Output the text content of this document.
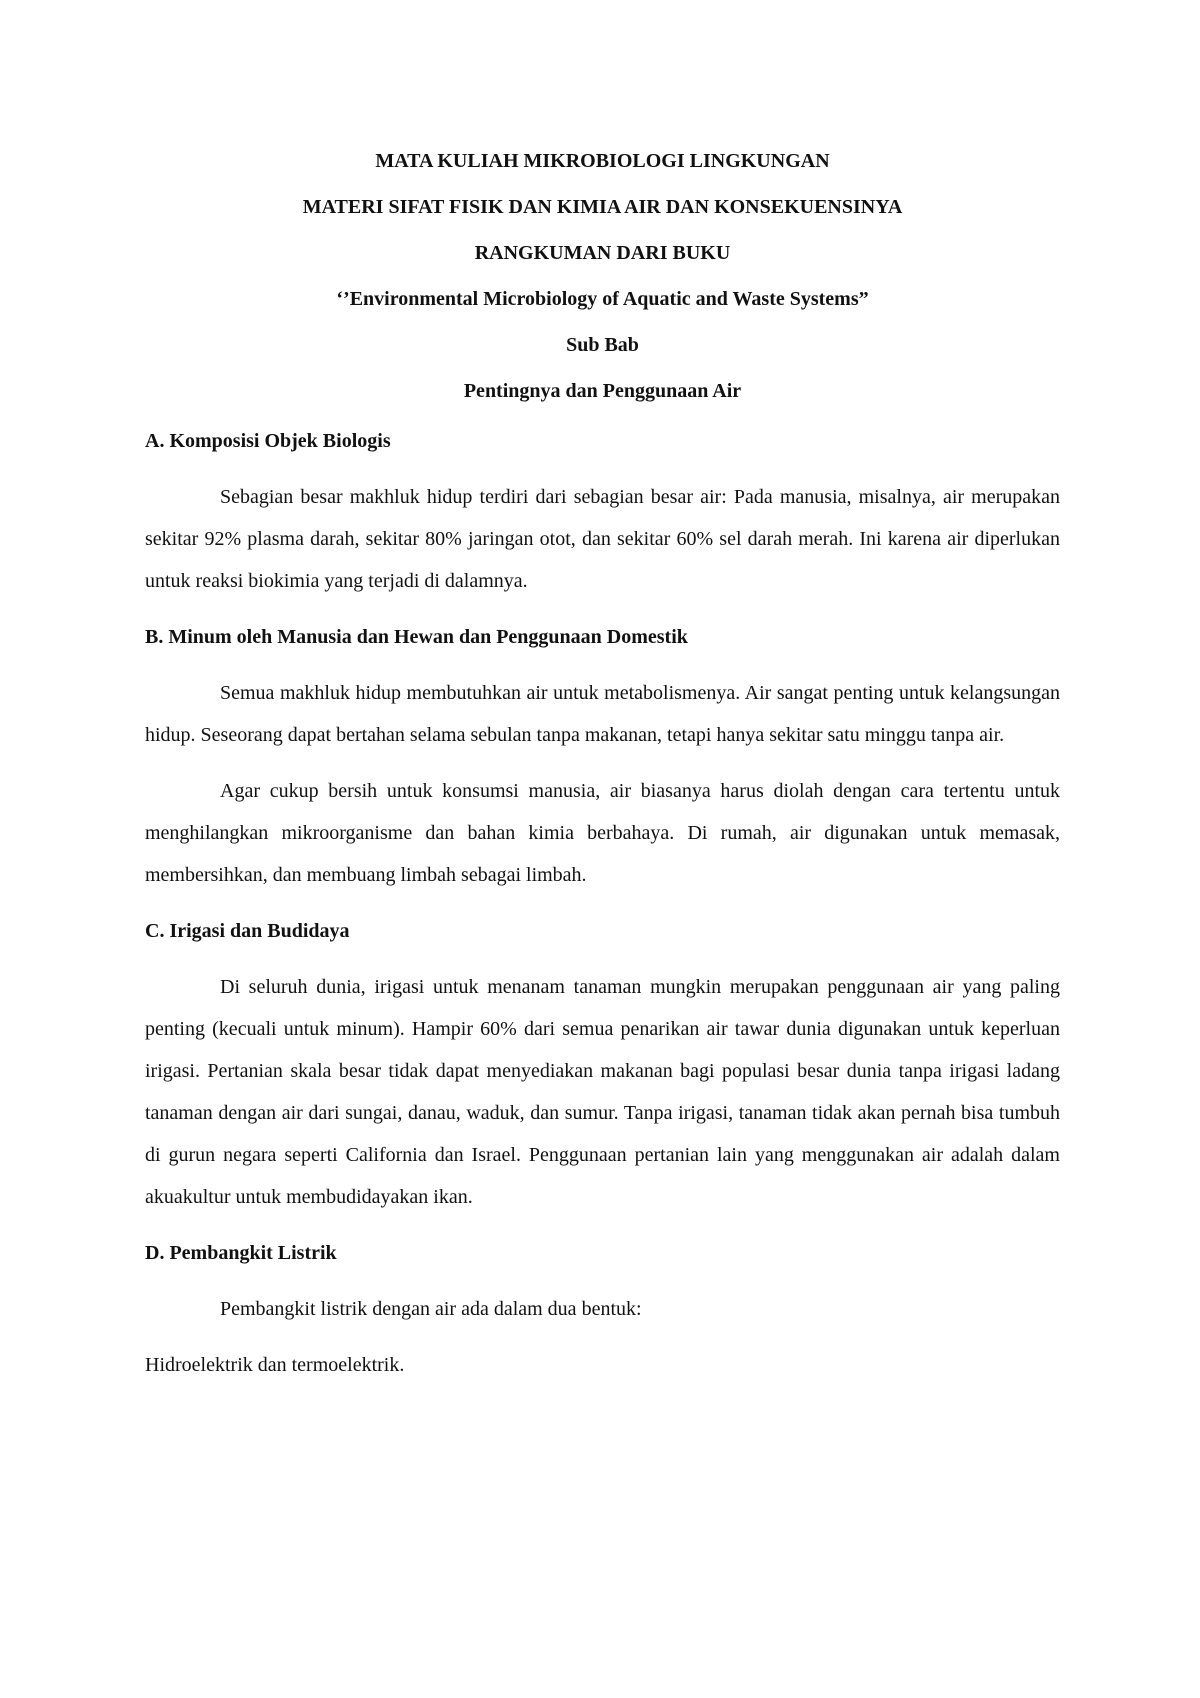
MATA KULIAH MIKROBIOLOGI LINGKUNGAN
MATERI SIFAT FISIK DAN KIMIA AIR DAN KONSEKUENSINYA
RANGKUMAN DARI BUKU
‘’Environmental Microbiology of Aquatic and Waste Systems”
Sub Bab
Pentingnya dan Penggunaan Air
A. Komposisi Objek Biologis

Sebagian besar makhluk hidup terdiri dari sebagian besar air: Pada manusia, misalnya, air merupakan sekitar 92% plasma darah, sekitar 80% jaringan otot, dan sekitar 60% sel darah merah. Ini karena air diperlukan untuk reaksi biokimia yang terjadi di dalamnya.

B. Minum oleh Manusia dan Hewan dan Penggunaan Domestik

Semua makhluk hidup membutuhkan air untuk metabolismenya. Air sangat penting untuk kelangsungan hidup. Seseorang dapat bertahan selama sebulan tanpa makanan, tetapi hanya sekitar satu minggu tanpa air.

Agar cukup bersih untuk konsumsi manusia, air biasanya harus diolah dengan cara tertentu untuk menghilangkan mikroorganisme dan bahan kimia berbahaya. Di rumah, air digunakan untuk memasak, membersihkan, dan membuang limbah sebagai limbah.

C. Irigasi dan Budidaya

Di seluruh dunia, irigasi untuk menanam tanaman mungkin merupakan penggunaan air yang paling penting (kecuali untuk minum). Hampir 60% dari semua penarikan air tawar dunia digunakan untuk keperluan irigasi. Pertanian skala besar tidak dapat menyediakan makanan bagi populasi besar dunia tanpa irigasi ladang tanaman dengan air dari sungai, danau, waduk, dan sumur. Tanpa irigasi, tanaman tidak akan pernah bisa tumbuh di gurun negara seperti California dan Israel. Penggunaan pertanian lain yang menggunakan air adalah dalam akuakultur untuk membudidayakan ikan.

D. Pembangkit Listrik

Pembangkit listrik dengan air ada dalam dua bentuk:

Hidroelektrik dan termoelektrik.
